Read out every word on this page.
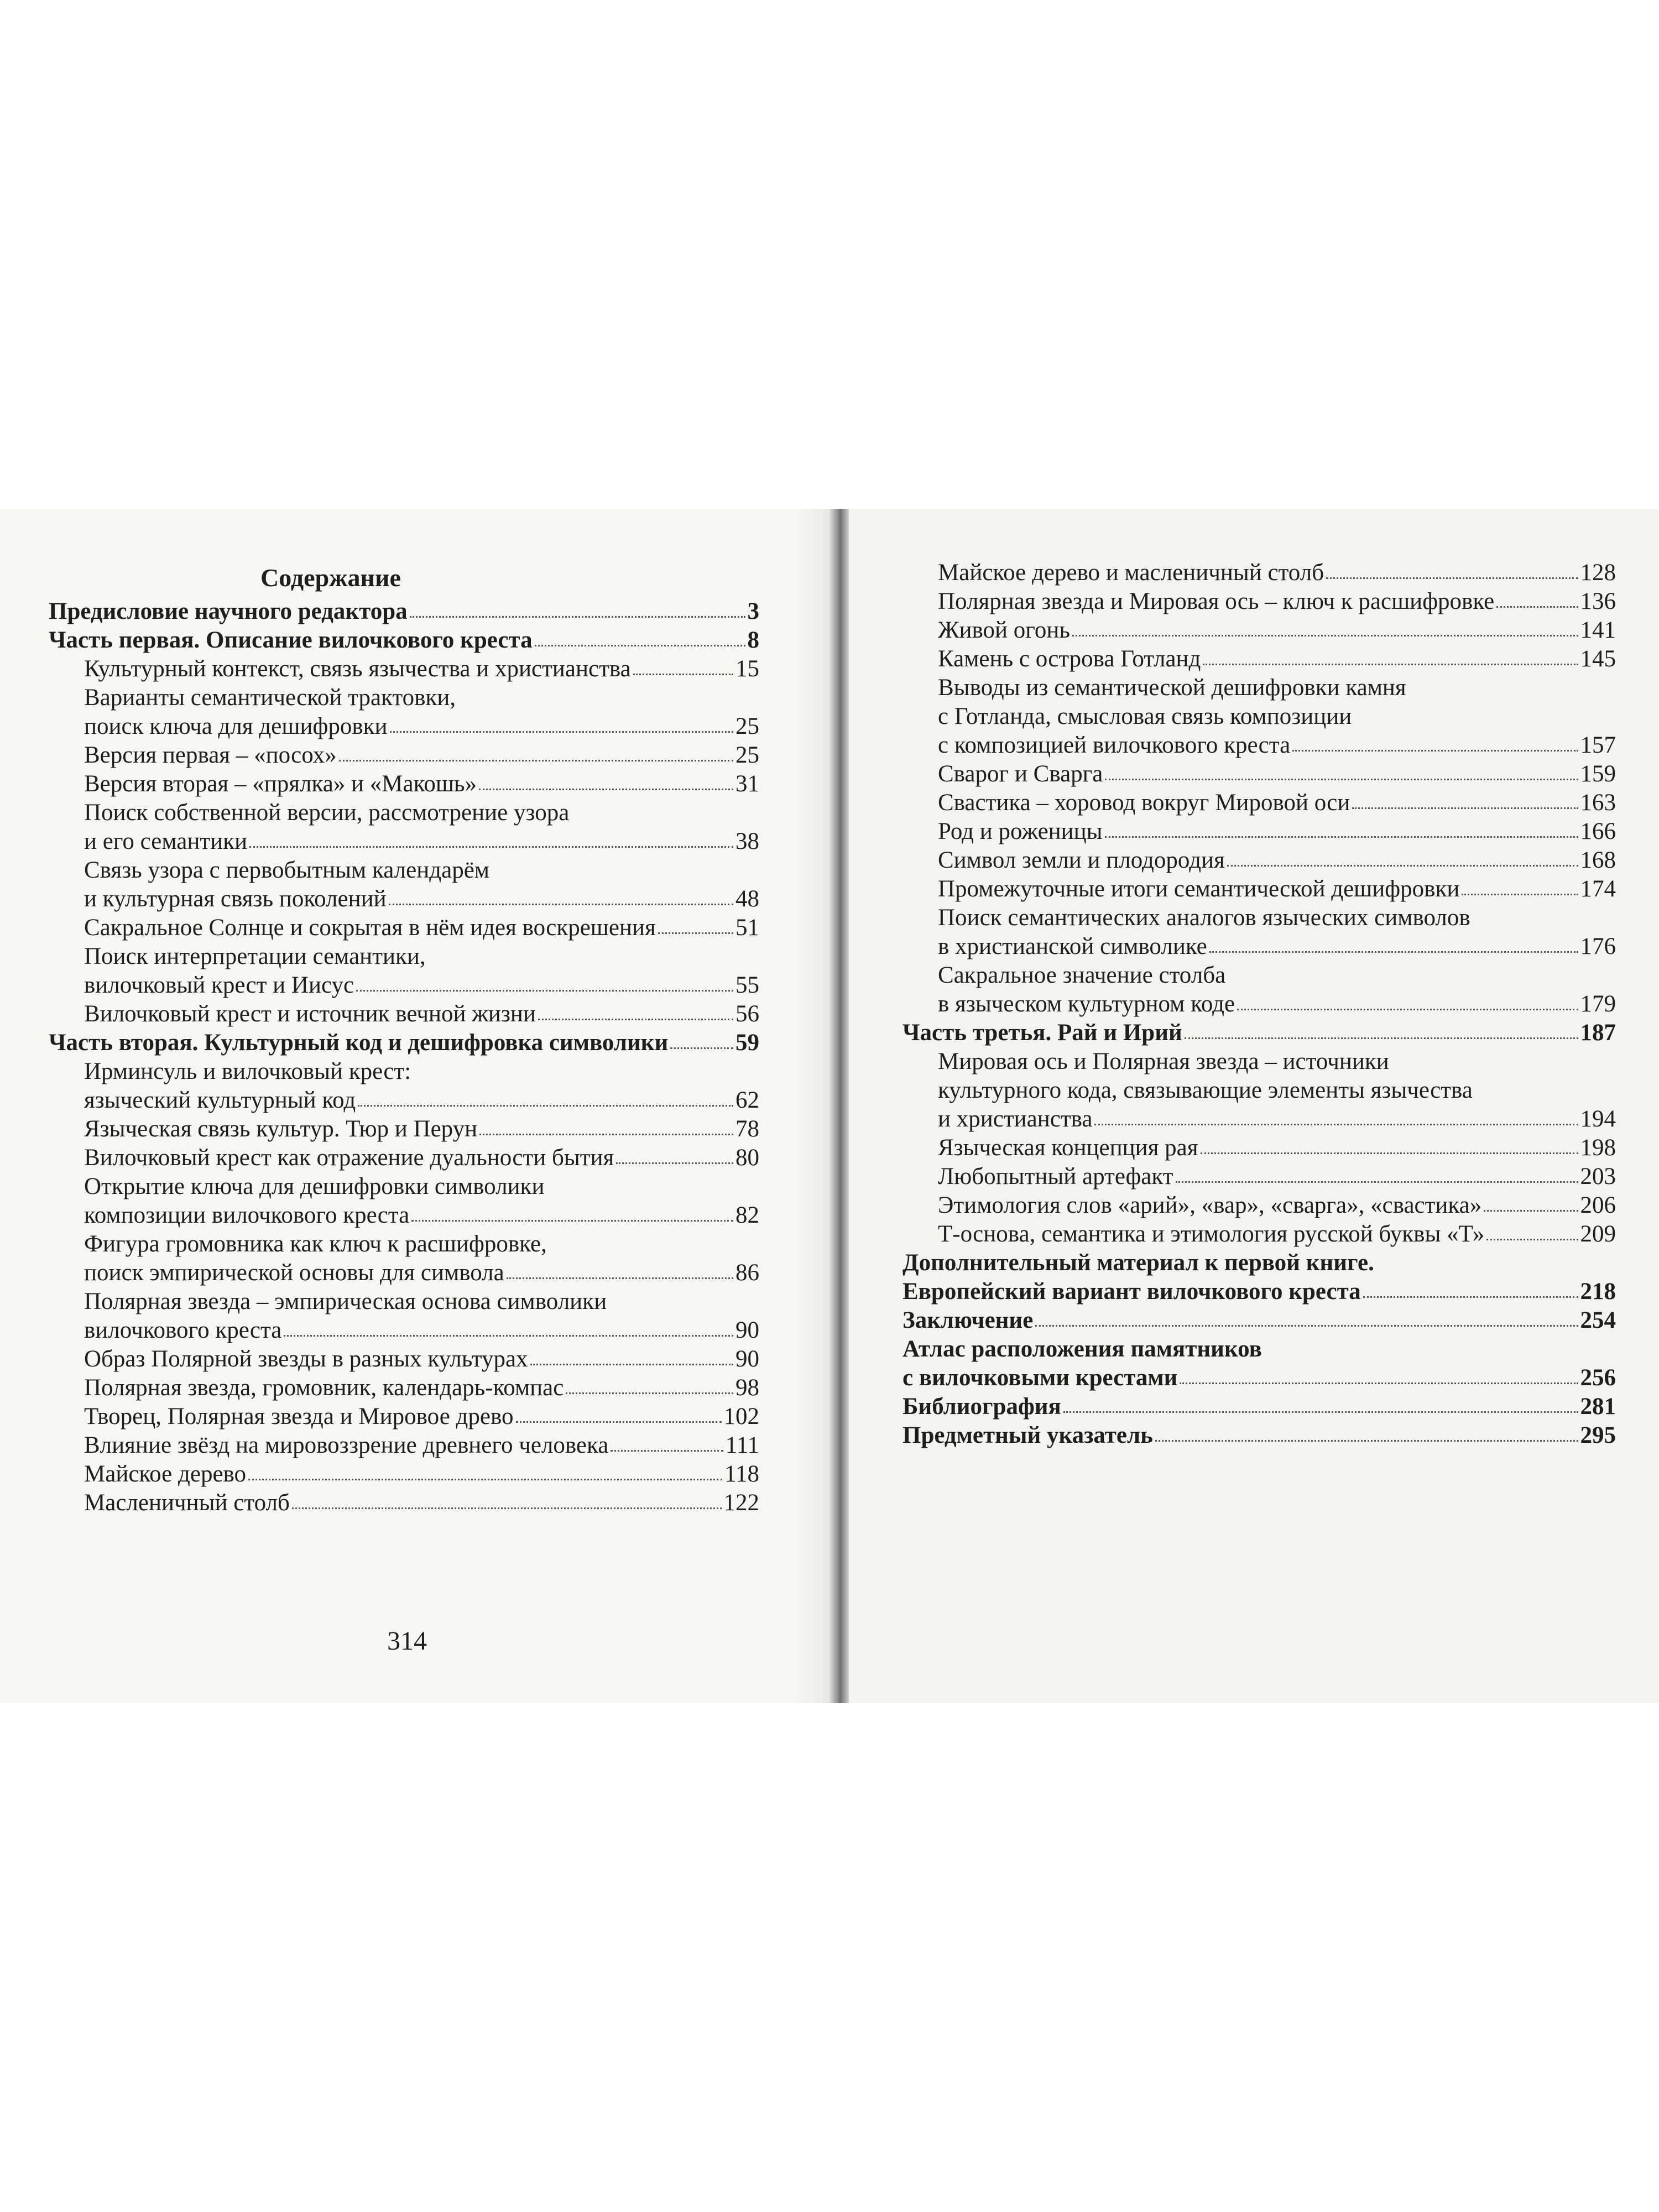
Содержание
Предисловие научного редактора	3
Часть первая. Описание вилочкового креста	8
Культурный контекст, связь язычества и христианства	15
Варианты семантической трактовки,
поиск ключа для дешифровки	25
Версия первая – «посох»	25
Версия вторая – «прялка» и «Макошь»	31
Поиск собственной версии, рассмотрение узора
и его семантики	38
Связь узора с первобытным календарём
и культурная связь поколений	48
Сакральное Солнце и сокрытая в нём идея воскрешения	51
Поиск интерпретации семантики,
вилочковый крест и Иисус	55
Вилочковый крест и источник вечной жизни	56
Часть вторая. Культурный код и дешифровка символики	59
Ирминсуль и вилочковый крест:
языческий культурный код	62
Языческая связь культур. Тюр и Перун	78
Вилочковый крест как отражение дуальности бытия	80
Открытие ключа для дешифровки символики
композиции вилочкового креста	82
Фигура громовника как ключ к расшифровке,
поиск эмпирической основы для символа	86
Полярная звезда – эмпирическая основа символики
вилочкового креста	90
Образ Полярной звезды в разных культурах	90
Полярная звезда, громовник, календарь-компас	98
Творец, Полярная звезда и Мировое древо	102
Влияние звёзд на мировоззрение древнего человека	111
Майское дерево	118
Масленичный столб	122
314
Майское дерево и масленичный столб	128
Полярная звезда и Мировая ось – ключ к расшифровке	136
Живой огонь	141
Камень с острова Готланд	145
Выводы из семантической дешифровки камня
с Готланда, смысловая связь композиции
с композицией вилочкового креста	157
Сварог и Сварга	159
Свастика – хоровод вокруг Мировой оси	163
Род и роженицы	166
Символ земли и плодородия	168
Промежуточные итоги семантической дешифровки	174
Поиск семантических аналогов языческих символов
в христианской символике	176
Сакральное значение столба
в языческом культурном коде	179
Часть третья. Рай и Ирий	187
Мировая ось и Полярная звезда – источники
культурного кода, связывающие элементы язычества
и христианства	194
Языческая концепция рая	198
Любопытный артефакт	203
Этимология слов «арий», «вар», «сварга», «свастика»	206
Т-основа, семантика и этимология русской буквы «Т»	209
Дополнительный материал к первой книге.
Европейский вариант вилочкового креста	218
Заключение	254
Атлас расположения памятников
с вилочковыми крестами	256
Библиография	281
Предметный указатель	295
